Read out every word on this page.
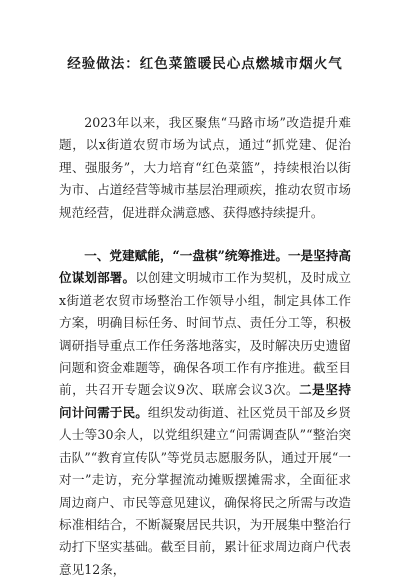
经验做法：红色菜篮暖民心点燃城市烟火气

2023年以来，我区聚焦“马路市场”改造提升难题，以x街道农贸市场为试点，通过“抓党建、促治理、强服务”，大力培育“红色菜篮”，持续根治以街为市、占道经营等城市基层治理顽疾，推动农贸市场规范经营，促进群众满意感、获得感持续提升。

一、党建赋能，“一盘棋”统筹推进。一是坚持高位谋划部署。以创建文明城市工作为契机，及时成立x街道老农贸市场整治工作领导小组，制定具体工作方案，明确目标任务、时间节点、责任分工等，积极调研指导重点工作任务落地落实，及时解决历史遗留问题和资金难题等，确保各项工作有序推进。截至目前，共召开专题会议9次、联席会议3次。二是坚持问计问需于民。组织发动街道、社区党员干部及乡贤人士等30余人，以党组织建立“问需调查队”“整治突击队”“教育宣传队”等党员志愿服务队，通过开展“一对一”走访，充分掌握流动摊贩摆摊需求，全面征求周边商户、市民等意见建议，确保将民之所需与改造标准相结合，不断凝聚居民共识，为开展集中整治行动打下坚实基础。截至目前，累计征求周边商户代表意见12条，
